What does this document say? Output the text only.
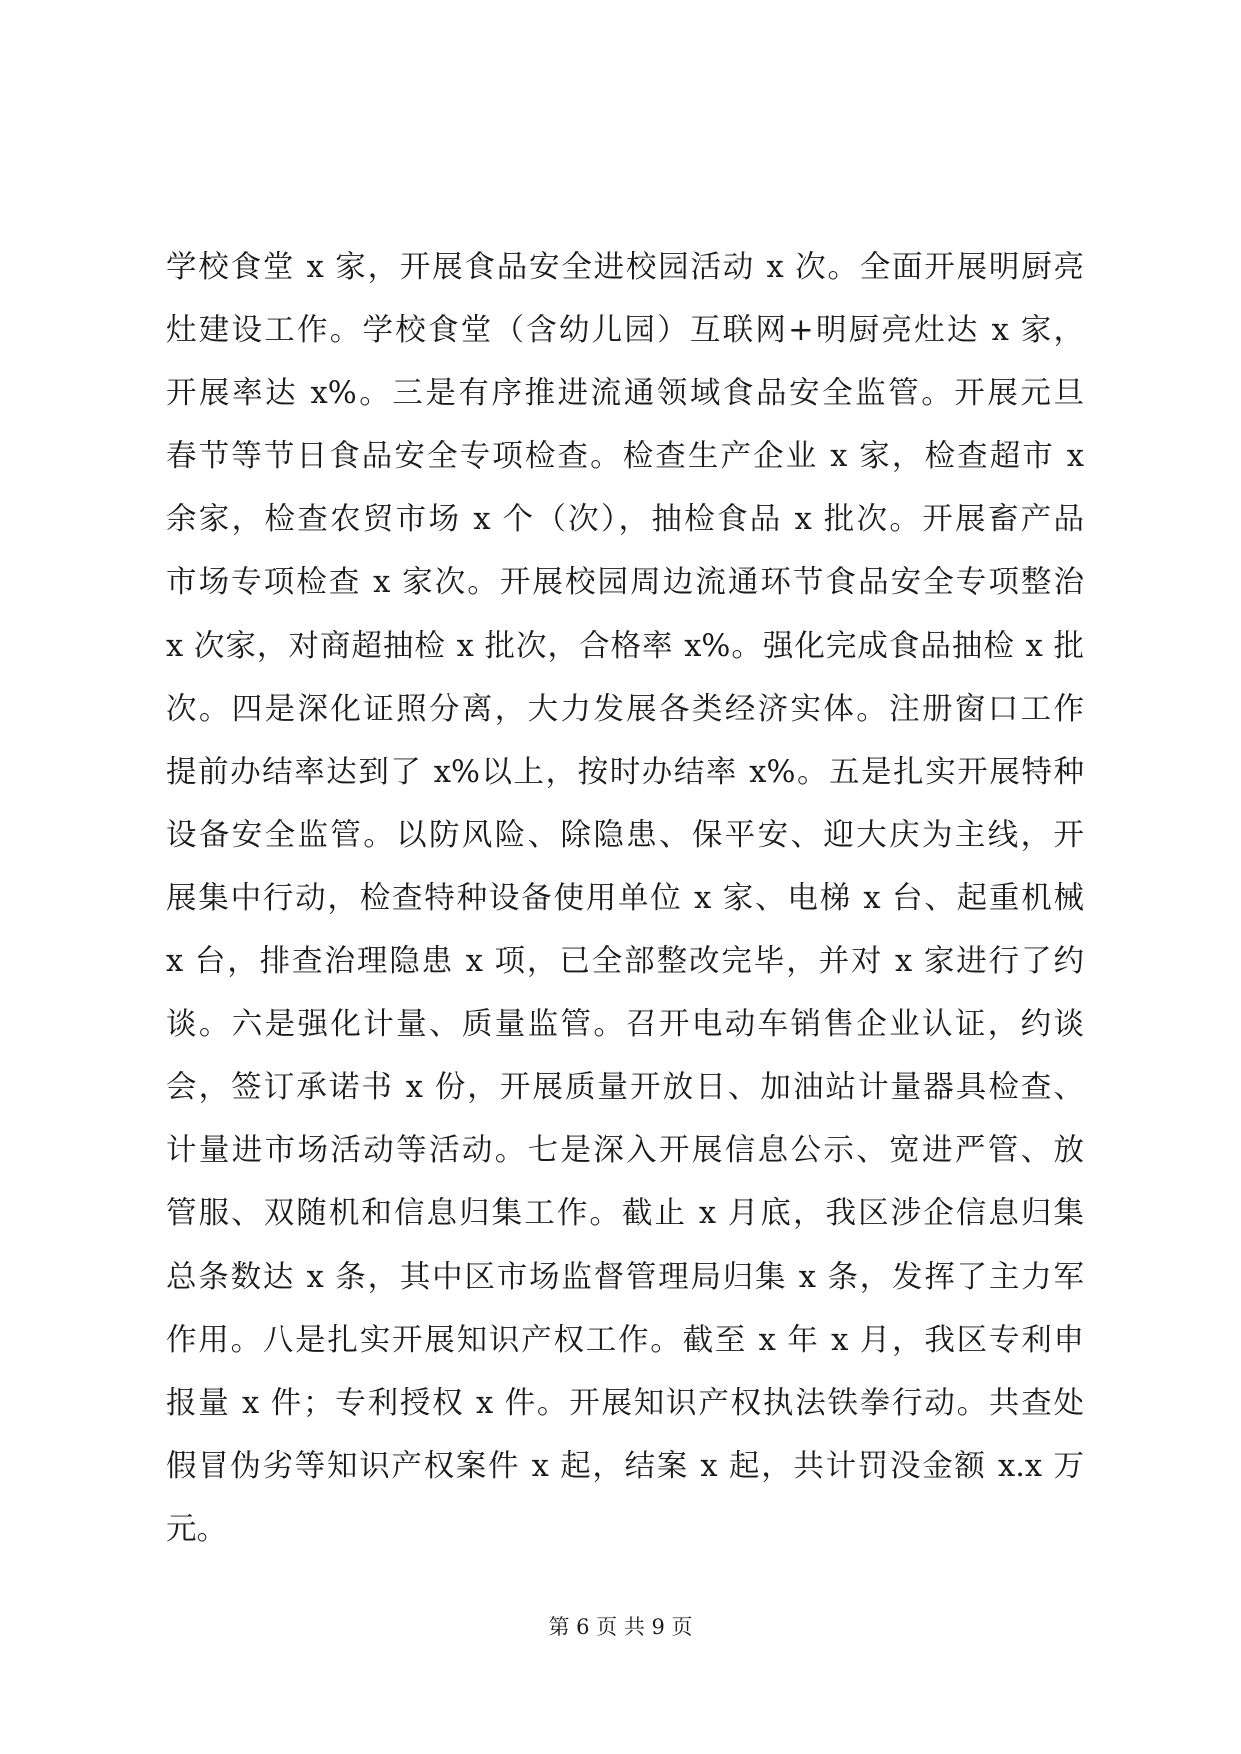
学校食堂 x 家，开展食品安全进校园活动 x 次。全面开展明厨亮
灶建设工作。学校食堂（含幼儿园）互联网+明厨亮灶达 x 家，
开展率达 x%。三是有序推进流通领域食品安全监管。开展元旦
春节等节日食品安全专项检查。检查生产企业 x 家，检查超市 x
余家，检查农贸市场 x 个（次），抽检食品 x 批次。开展畜产品
市场专项检查 x 家次。开展校园周边流通环节食品安全专项整治
x 次家，对商超抽检 x 批次，合格率 x%。强化完成食品抽检 x 批
次。四是深化证照分离，大力发展各类经济实体。注册窗口工作
提前办结率达到了 x%以上，按时办结率 x%。五是扎实开展特种
设备安全监管。以防风险、除隐患、保平安、迎大庆为主线，开
展集中行动，检查特种设备使用单位 x 家、电梯 x 台、起重机械
x 台，排查治理隐患 x 项，已全部整改完毕，并对 x 家进行了约
谈。六是强化计量、质量监管。召开电动车销售企业认证，约谈
会，签订承诺书 x 份，开展质量开放日、加油站计量器具检查、
计量进市场活动等活动。七是深入开展信息公示、宽进严管、放
管服、双随机和信息归集工作。截止 x 月底，我区涉企信息归集
总条数达 x 条，其中区市场监督管理局归集 x 条，发挥了主力军
作用。八是扎实开展知识产权工作。截至 x 年 x 月，我区专利申
报量 x 件；专利授权 x 件。开展知识产权执法铁拳行动。共查处
假冒伪劣等知识产权案件 x 起，结案 x 起，共计罚没金额 x.x 万
元。
第 6 页 共 9 页
